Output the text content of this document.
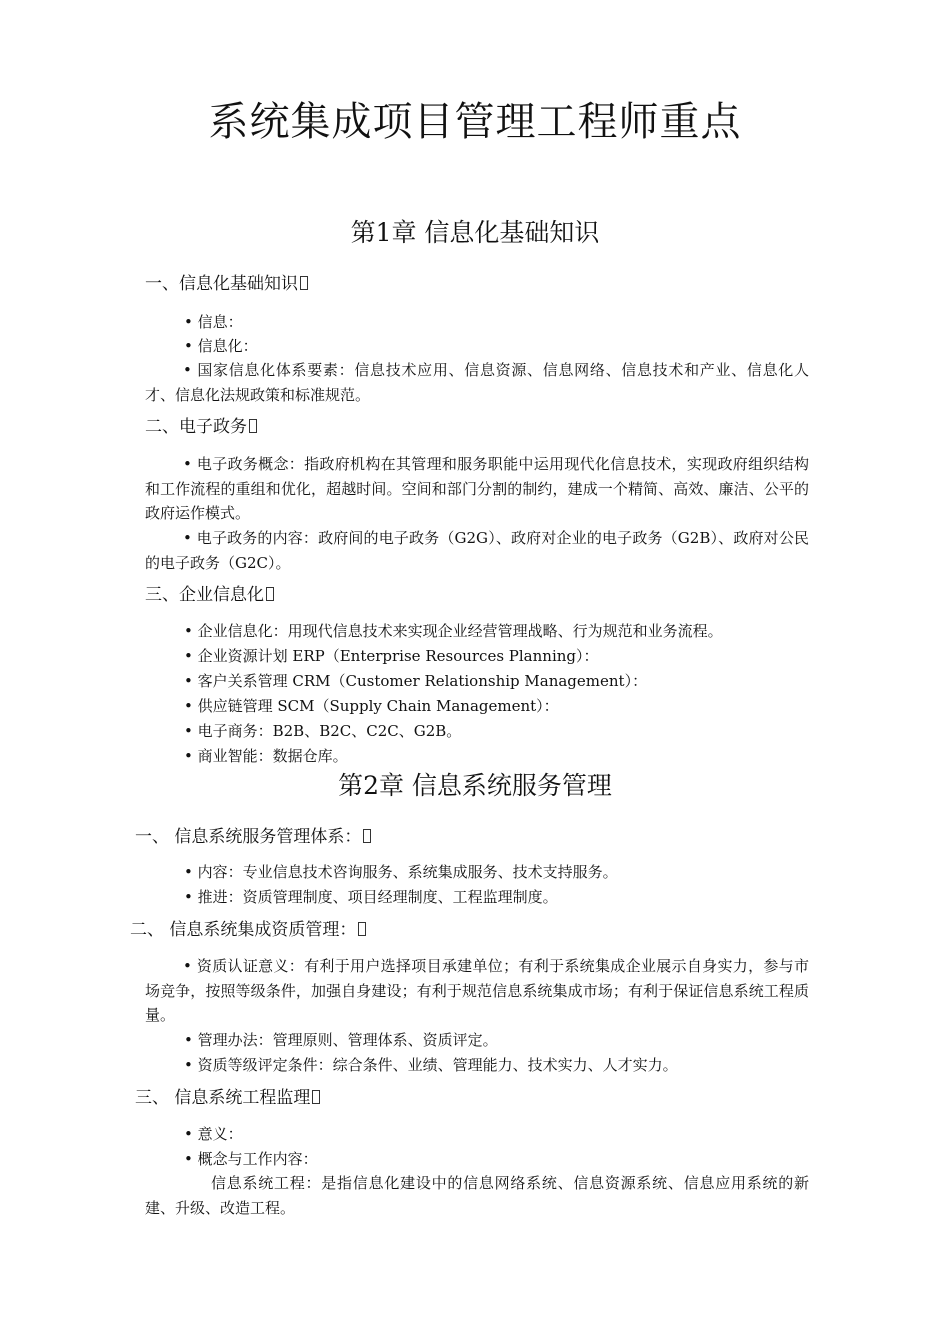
系统集成项目管理工程师重点
第1章 信息化基础知识
一、信息化基础知识
• 信息：
• 信息化：
• 国家信息化体系要素：信息技术应用、信息资源、信息网络、信息技术和产业、信息化人才、信息化法规政策和标准规范。
二、电子政务
• 电子政务概念：指政府机构在其管理和服务职能中运用现代化信息技术，实现政府组织结构和工作流程的重组和优化，超越时间。空间和部门分割的制约，建成一个精简、高效、廉洁、公平的政府运作模式。
• 电子政务的内容：政府间的电子政务（G2G）、政府对企业的电子政务（G2B）、政府对公民的电子政务（G2C）。
三、企业信息化
• 企业信息化：用现代信息技术来实现企业经营管理战略、行为规范和业务流程。
• 企业资源计划 ERP（Enterprise Resources Planning）：
• 客户关系管理 CRM（Customer Relationship Management）：
• 供应链管理 SCM（Supply Chain Management）：
• 电子商务：B2B、B2C、C2C、G2B。
• 商业智能：数据仓库。
第2章 信息系统服务管理
一、 信息系统服务管理体系：
• 内容：专业信息技术咨询服务、系统集成服务、技术支持服务。
• 推进：资质管理制度、项目经理制度、工程监理制度。
二、 信息系统集成资质管理：
• 资质认证意义：有利于用户选择项目承建单位；有利于系统集成企业展示自身实力，参与市场竞争，按照等级条件，加强自身建设；有利于规范信息系统集成市场；有利于保证信息系统工程质量。
• 管理办法：管理原则、管理体系、资质评定。
• 资质等级评定条件：综合条件、业绩、管理能力、技术实力、人才实力。
三、 信息系统工程监理
• 意义：
• 概念与工作内容：
信息系统工程：是指信息化建设中的信息网络系统、信息资源系统、信息应用系统的新建、升级、改造工程。
